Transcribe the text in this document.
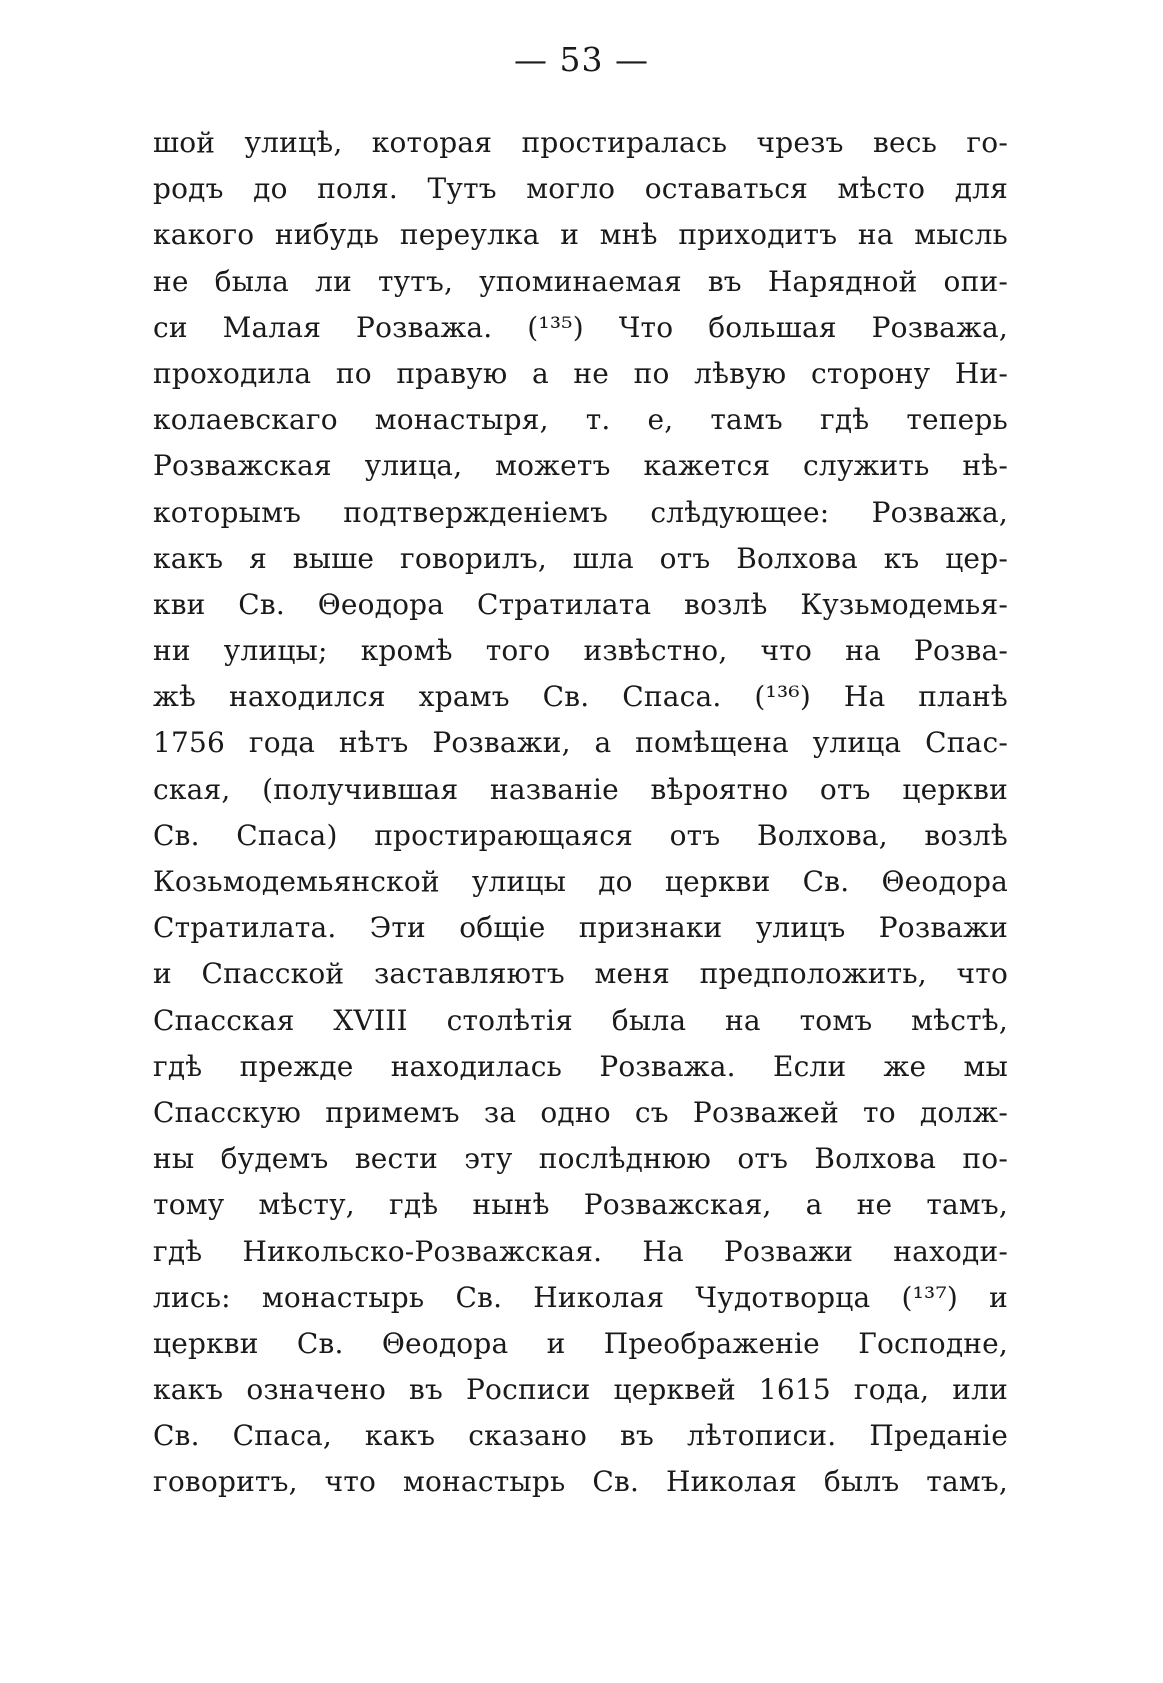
— 53 —
шой улицѣ, которая простиралась чрезъ весь го-
родъ до поля. Тутъ могло оставаться мѣсто для
какого нибудь переулка и мнѣ приходитъ на мысль
не была ли тутъ, упоминаемая въ Нарядной опи-
си Малая Розважа. (¹³⁵) Что большая Розважа,
проходила по правую а не по лѣвую сторону Ни-
колаевскаго монастыря, т. е, тамъ гдѣ теперь
Розважская улица, можетъ кажется служить нѣ-
которымъ подтвержденіемъ слѣдующее: Розважа,
какъ я выше говорилъ, шла отъ Волхова къ цер-
кви Св. Θеодора Стратилата возлѣ Кузьмодемья-
ни улицы; кромѣ того извѣстно, что на Розва-
жѣ находился храмъ Св. Спаса. (¹³⁶) На планѣ
1756 года нѣтъ Розважи, а помѣщена улица Спас-
ская, (получившая названіе вѣроятно отъ церкви
Св. Спаса) простирающаяся отъ Волхова, возлѣ
Козьмодемьянской улицы до церкви Св. Θеодора
Стратилата. Эти общіе признаки улицъ Розважи
и Спасской заставляютъ меня предположить, что
Спасская XVIII столѣтія была на томъ мѣстѣ,
гдѣ прежде находилась Розважа. Если же мы
Спасскую примемъ за одно съ Розважей то долж-
ны будемъ вести эту послѣднюю отъ Волхова по-
тому мѣсту, гдѣ нынѣ Розважская, а не тамъ,
гдѣ Никольско-Розважская. На Розважи находи-
лись: монастырь Св. Николая Чудотворца (¹³⁷) и
церкви Св. Θеодора и Преображеніе Господне,
какъ означено въ Росписи церквей 1615 года, или
Св. Спаса, какъ сказано въ лѣтописи. Преданіе
говоритъ, что монастырь Св. Николая былъ тамъ,
